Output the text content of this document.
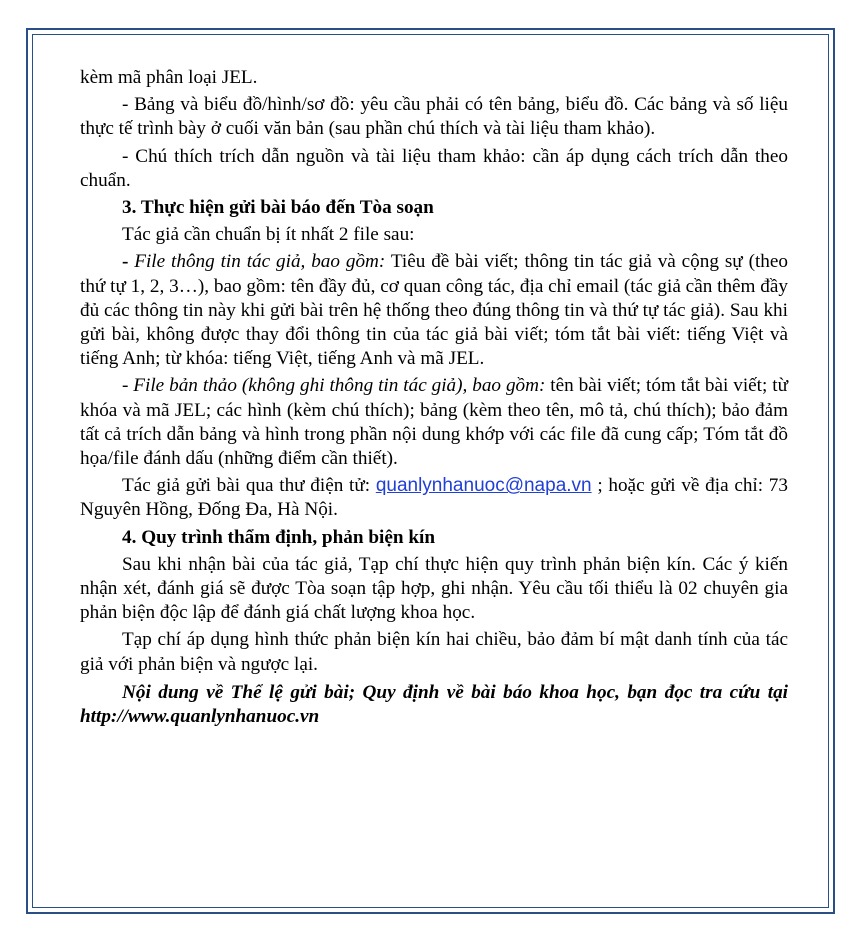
kèm mã phân loại JEL.

- Bảng và biểu đồ/hình/sơ đồ: yêu cầu phải có tên bảng, biểu đồ. Các bảng và số liệu thực tế trình bày ở cuối văn bản (sau phần chú thích và tài liệu tham khảo).

- Chú thích trích dẫn nguồn và tài liệu tham khảo: cần áp dụng cách trích dẫn theo chuẩn.

3. Thực hiện gửi bài báo đến Tòa soạn

Tác giả cần chuẩn bị ít nhất 2 file sau:

- File thông tin tác giả, bao gồm: Tiêu đề bài viết; thông tin tác giả và cộng sự (theo thứ tự 1, 2, 3…), bao gồm: tên đầy đủ, cơ quan công tác, địa chỉ email (tác giả cần thêm đầy đủ các thông tin này khi gửi bài trên hệ thống theo đúng thông tin và thứ tự tác giả). Sau khi gửi bài, không được thay đổi thông tin của tác giả bài viết; tóm tắt bài viết: tiếng Việt và tiếng Anh; từ khóa: tiếng Việt, tiếng Anh và mã JEL.

- File bản thảo (không ghi thông tin tác giả), bao gồm: tên bài viết; tóm tắt bài viết; từ khóa và mã JEL; các hình (kèm chú thích); bảng (kèm theo tên, mô tả, chú thích); bảo đảm tất cả trích dẫn bảng và hình trong phần nội dung khớp với các file đã cung cấp; Tóm tắt đồ họa/file đánh dấu (những điểm cần thiết).

Tác giả gửi bài qua thư điện tử: quanlynhanuoc@napa.vn ; hoặc gửi về địa chỉ: 73 Nguyên Hồng, Đống Đa, Hà Nội.

4. Quy trình thẩm định, phản biện kín

Sau khi nhận bài của tác giả, Tạp chí thực hiện quy trình phản biện kín. Các ý kiến nhận xét, đánh giá sẽ được Tòa soạn tập hợp, ghi nhận. Yêu cầu tối thiểu là 02 chuyên gia phản biện độc lập để đánh giá chất lượng khoa học.

Tạp chí áp dụng hình thức phản biện kín hai chiều, bảo đảm bí mật danh tính của tác giả với phản biện và ngược lại.

Nội dung về Thể lệ gửi bài; Quy định về bài báo khoa học, bạn đọc tra cứu tại http://www.quanlynhanuoc.vn
